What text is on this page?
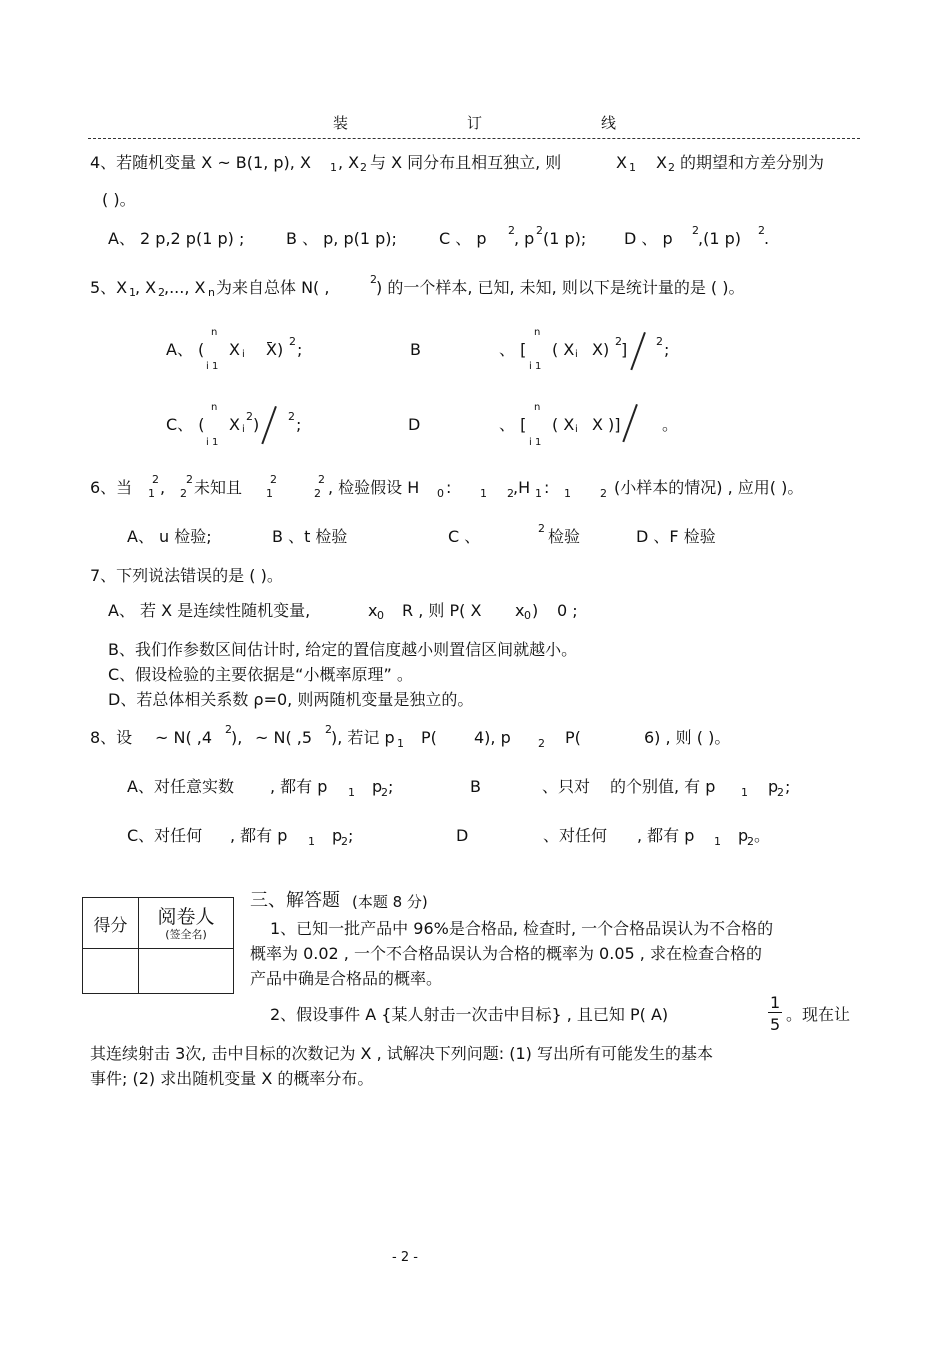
装	订	线
4、若随机变量 X ~ B(1, p), X 1 , X 2 与 X 同分布且相互独立, 则	X 1 X 2 的期望和方差分别为
( )。
A、 2 p,2 p(1 p) ;	B 、 p, p(1 p);	C 、 p 2 , p 2 (1 p); D 、 p 2 ,(1 p) 2 .
5、X 1 , X 2 ,..., X n 为来自总体 N( ,	2 ) 的一个样本, 已知, 未知, 则以下是统计量的是 ( )。
n
A、 ( X i X) 2 ;
i 1
B
n
、 [ ( X i X) 2 ]	2 ;
i 1
n
C、 ( X i
2 )	2 ;
i 1
D
n
、 [ ( X i X )]	。
i 1
6、当 2
1 , 2
2 未知且	2
1
2
2 , 检验假设 H 0 :	1 2 ,H 1 : 1	2 (小样本的情况) , 应用( )。
A、 u 检验;	B 、t 检验	C 、	2 检验	D 、F 检验
7、下列说法错误的是 ( )。
A、 若 X 是连续性随机变量,	x 0 R , 则 P( X x 0 ) 0 ;
B、我们作参数区间估计时, 给定的置信度越小则置信区间就越小。
C、假设检验的主要依据是“小概率原理” 。
D、若总体相关系数 ρ=0, 则两随机变量是独立的。
8、设 ~ N( ,4 2 ), ~ N( ,5 2 ), 若记 p 1 P( 4), p 2 P(	6) , 则 ( )。
A、对任意实数 , 都有 p 1 p
2 ;	B	、只对 的个别值, 有 p 1 p
2 ;
C、对任何 , 都有 p 1 p
2 ;	D	、对任何 , 都有 p 1 p
2 。
得分	阅卷人
(签全名)

三、解答题 (本题 8 分)
1、已知一批产品中 96%是合格品, 检查时, 一个合格品误认为不合格的
概率为 0.02 , 一个不合格品误认为合格的概率为 0.05 , 求在检查合格的
产品中确是合格品的概率。
2、假设事件 A {某人射击一次击中目标} , 且已知 P( A)
1
5
。现在让
其连续射击 3次, 击中目标的次数记为 X , 试解决下列问题: (1) 写出所有可能发生的基本
事件; (2) 求出随机变量 X 的概率分布。
- 2 -
